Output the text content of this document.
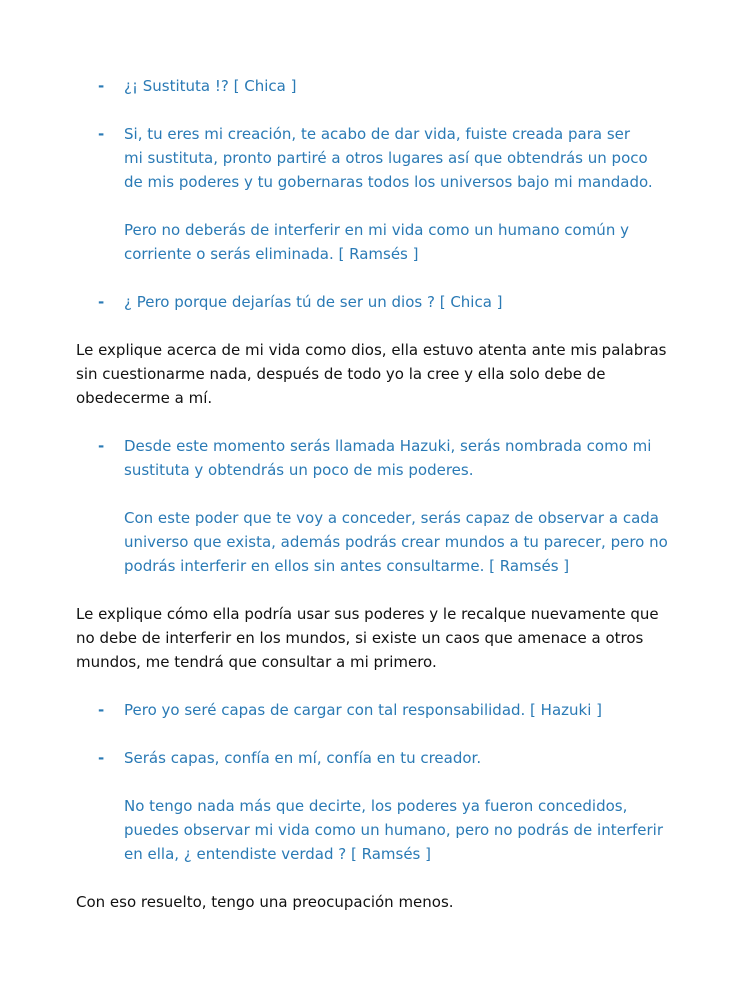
- ¿¡ Sustituta !? [ Chica ]

- Si, tu eres mi creación, te acabo de dar vida, fuiste creada para ser
mi sustituta, pronto partiré a otros lugares así que obtendrás un poco
de mis poderes y tu gobernaras todos los universos bajo mi mandado.

Pero no deberás de interferir en mi vida como un humano común y
corriente o serás eliminada. [ Ramsés ]

- ¿ Pero porque dejarías tú de ser un dios ? [ Chica ]

Le explique acerca de mi vida como dios, ella estuvo atenta ante mis palabras
sin cuestionarme nada, después de todo yo la cree y ella solo debe de
obedecerme a mí.

- Desde este momento serás llamada Hazuki, serás nombrada como mi
sustituta y obtendrás un poco de mis poderes.

Con este poder que te voy a conceder, serás capaz de observar a cada
universo que exista, además podrás crear mundos a tu parecer, pero no
podrás interferir en ellos sin antes consultarme. [ Ramsés ]

Le explique cómo ella podría usar sus poderes y le recalque nuevamente que
no debe de interferir en los mundos, si existe un caos que amenace a otros
mundos, me tendrá que consultar a mi primero.

- Pero yo seré capas de cargar con tal responsabilidad. [ Hazuki ]

- Serás capas, confía en mí, confía en tu creador.

No tengo nada más que decirte, los poderes ya fueron concedidos,
puedes observar mi vida como un humano, pero no podrás de interferir
en ella, ¿ entendiste verdad ? [ Ramsés ]

Con eso resuelto, tengo una preocupación menos.
